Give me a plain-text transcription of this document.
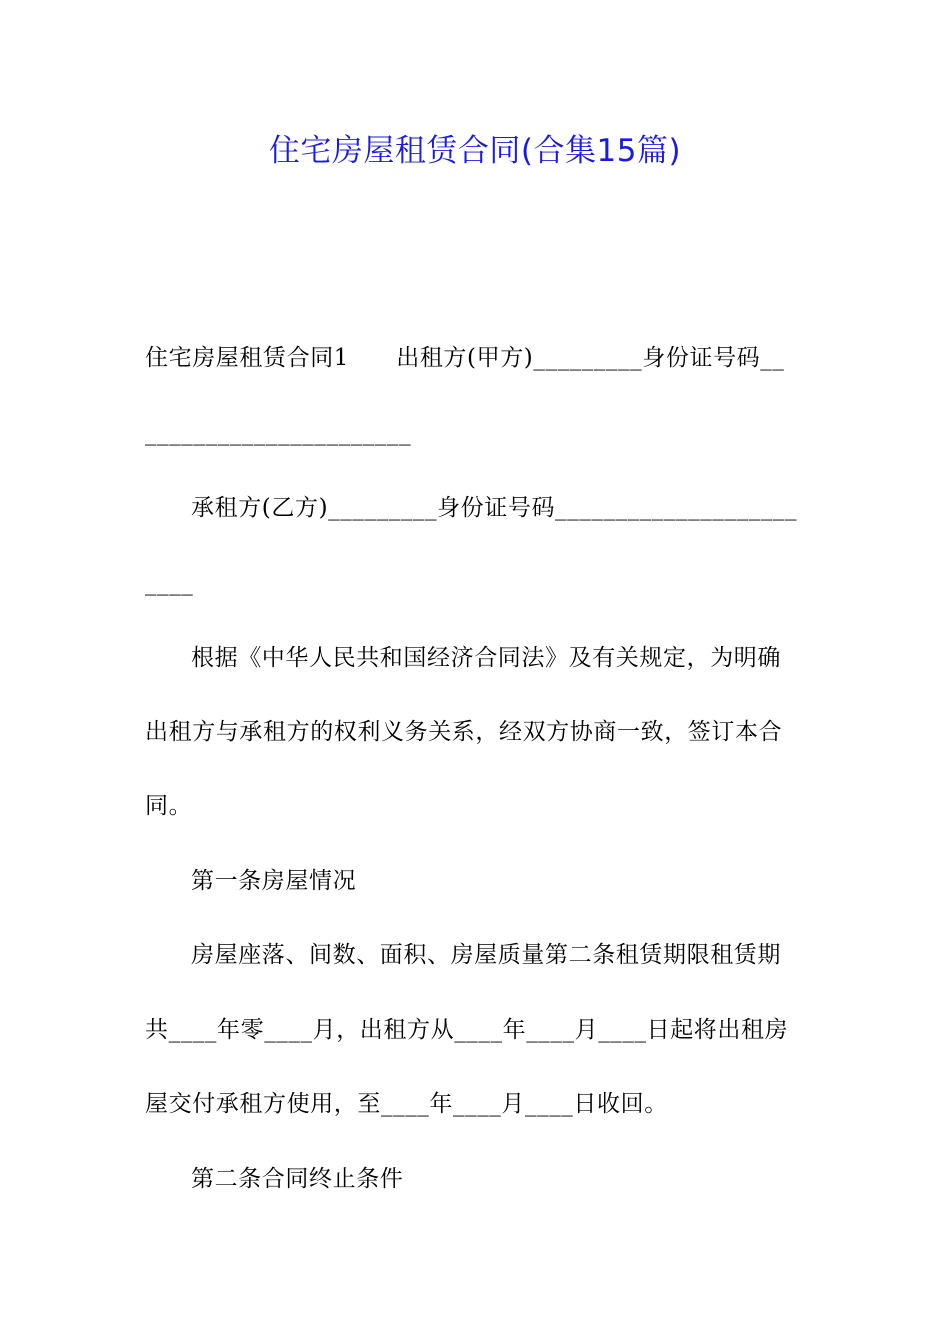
住宅房屋租赁合同(合集15篇)
住宅房屋租赁合同1　　出租方(甲方)_________身份证号码__
______________________
承租方(乙方)_________身份证号码____________________
____
根据《中华人民共和国经济合同法》及有关规定，为明确
出租方与承租方的权利义务关系，经双方协商一致，签订本合
同。
第一条房屋情况
房屋座落、间数、面积、房屋质量第二条租赁期限租赁期
共____年零____月，出租方从____年____月____日起将出租房
屋交付承租方使用，至____年____月____日收回。
第二条合同终止条件
